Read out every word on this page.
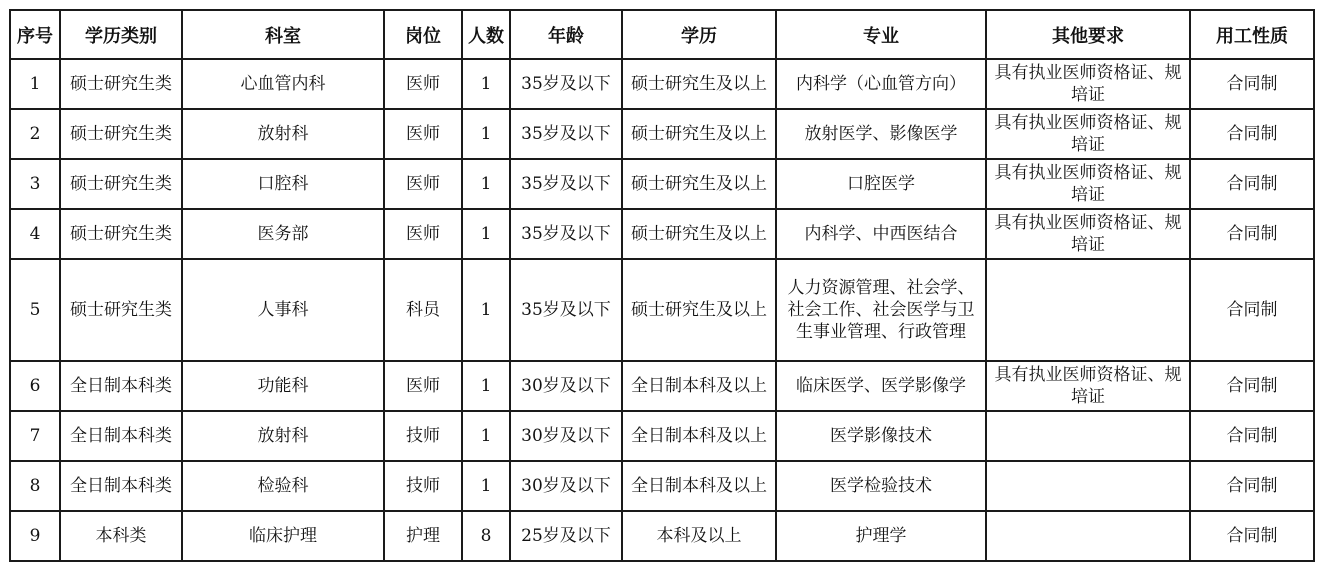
序号	学历类别	科室	岗位	人数	年龄	学历	专业	其他要求	用工性质
1	硕士研究生类	心血管内科	医师	1	35岁及以下	硕士研究生及以上	内科学（心血管方向）	具有执业医师资格证、规培证	合同制
2	硕士研究生类	放射科	医师	1	35岁及以下	硕士研究生及以上	放射医学、影像医学	具有执业医师资格证、规培证	合同制
3	硕士研究生类	口腔科	医师	1	35岁及以下	硕士研究生及以上	口腔医学	具有执业医师资格证、规培证	合同制
4	硕士研究生类	医务部	医师	1	35岁及以下	硕士研究生及以上	内科学、中西医结合	具有执业医师资格证、规培证	合同制
5	硕士研究生类	人事科	科员	1	35岁及以下	硕士研究生及以上	人力资源管理、社会学、社会工作、社会医学与卫生事业管理、行政管理		合同制
6	全日制本科类	功能科	医师	1	30岁及以下	全日制本科及以上	临床医学、医学影像学	具有执业医师资格证、规培证	合同制
7	全日制本科类	放射科	技师	1	30岁及以下	全日制本科及以上	医学影像技术		合同制
8	全日制本科类	检验科	技师	1	30岁及以下	全日制本科及以上	医学检验技术		合同制
9	本科类	临床护理	护理	8	25岁及以下	本科及以上	护理学		合同制
